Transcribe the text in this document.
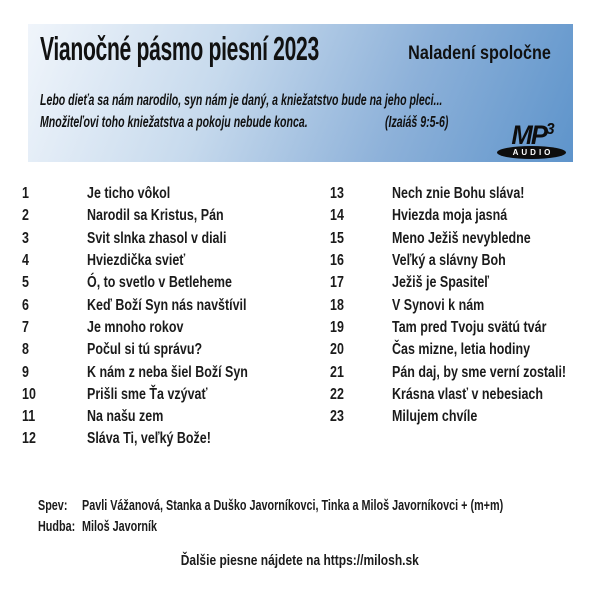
Vianočné pásmo piesní 2023	Naladení spoločne
Lebo dieťa sa nám narodilo, syn nám je daný, a kniežatstvo bude na jeho pleci...
Množiteľovi toho kniežatstva a pokoju nebude konca.	(Izaiáš 9:5-6)	$MP^3$
AUDIO
1	Je ticho vôkol
2	Narodil sa Kristus, Pán
3	Svit slnka zhasol v diali
4	Hviezdička svieť
5	Ó, to svetlo v Betleheme
6	Keď Boží Syn nás navštívil
7	Je mnoho rokov
8	Počul si tú správu?
9	K nám z neba šiel Boží Syn
10	Prišli sme Ťa vzývať
11	Na našu zem
12	Sláva Ti, veľký Bože!
13	Nech znie Bohu sláva!
14	Hviezda moja jasná
15	Meno Ježiš nevybledne
16	Veľký a slávny Boh
17	Ježiš je Spasiteľ
18	V Synovi k nám
19	Tam pred Tvoju svätú tvár
20	Čas mizne, letia hodiny
21	Pán daj, by sme verní zostali!
22	Krásna vlasť v nebesiach
23	Milujem chvíle
Spev: Pavli Vážanová, Stanka a Duško Javorníkovci, Tinka a Miloš Javorníkovci + (m+m)
Hudba: Miloš Javorník
Ďalšie piesne nájdete na https://milosh.sk
